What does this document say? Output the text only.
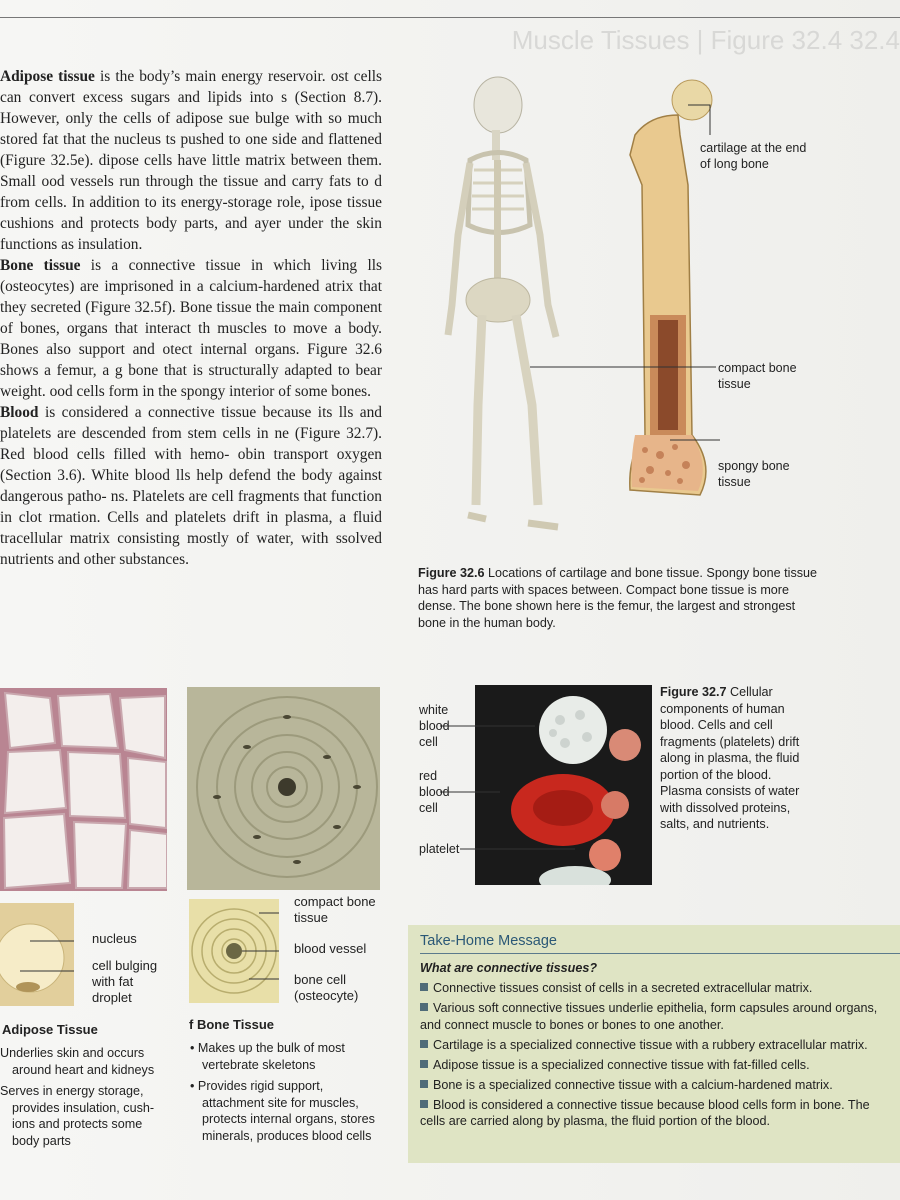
Muscle Tissues | Figure 32.4 32.4

Adipose tissue is the body’s main energy reservoir. ost cells can convert excess sugars and lipids into s (Section 8.7). However, only the cells of adipose sue bulge with so much stored fat that the nucleus ts pushed to one side and flattened (Figure 32.5e). dipose cells have little matrix between them. Small ood vessels run through the tissue and carry fats to d from cells. In addition to its energy-storage role, ipose tissue cushions and protects body parts, and ayer under the skin functions as insulation.

Bone tissue is a connective tissue in which living lls (osteocytes) are imprisoned in a calcium-hardened atrix that they secreted (Figure 32.5f). Bone tissue the main component of bones, organs that interact th muscles to move a body. Bones also support and otect internal organs. Figure 32.6 shows a femur, a g bone that is structurally adapted to bear weight. ood cells form in the spongy interior of some bones.

Blood is considered a connective tissue because its lls and platelets are descended from stem cells in ne (Figure 32.7). Red blood cells filled with hemo- obin transport oxygen (Section 3.6). White blood lls help defend the body against dangerous patho- ns. Platelets are cell fragments that function in clot rmation. Cells and platelets drift in plasma, a fluid tracellular matrix consisting mostly of water, with ssolved nutrients and other substances.

cartilage at the end of long bone
compact bone tissue
spongy bone tissue
Figure 32.6 Locations of cartilage and bone tissue. Spongy bone tissue has hard parts with spaces between. Compact bone tissue is more dense. The bone shown here is the femur, the largest and strongest bone in the human body.
white blood cell
red blood cell
platelet
Figure 32.7 Cellular components of human blood. Cells and cell fragments (platelets) drift along in plasma, the fluid portion of the blood. Plasma consists of water with dissolved proteins, salts, and nutrients.
nucleus
cell bulging with fat droplet
Adipose Tissue
Underlies skin and occurs around heart and kidneys
Serves in energy storage, provides insulation, cush- ions and protects some body parts
compact bone tissue
blood vessel
bone cell (osteocyte)
f Bone Tissue
• Makes up the bulk of most vertebrate skeletons
• Provides rigid support, attachment site for muscles, protects internal organs, stores minerals, produces blood cells
Take-Home Message
What are connective tissues?
Connective tissues consist of cells in a secreted extracellular matrix.
Various soft connective tissues underlie epithelia, form capsules around organs, and connect muscle to bones or bones to one another.
Cartilage is a specialized connective tissue with a rubbery extracellular matrix.
Adipose tissue is a specialized connective tissue with fat-filled cells.
Bone is a specialized connective tissue with a calcium-hardened matrix.
Blood is considered a connective tissue because blood cells form in bone. The cells are carried along by plasma, the fluid portion of the blood.
